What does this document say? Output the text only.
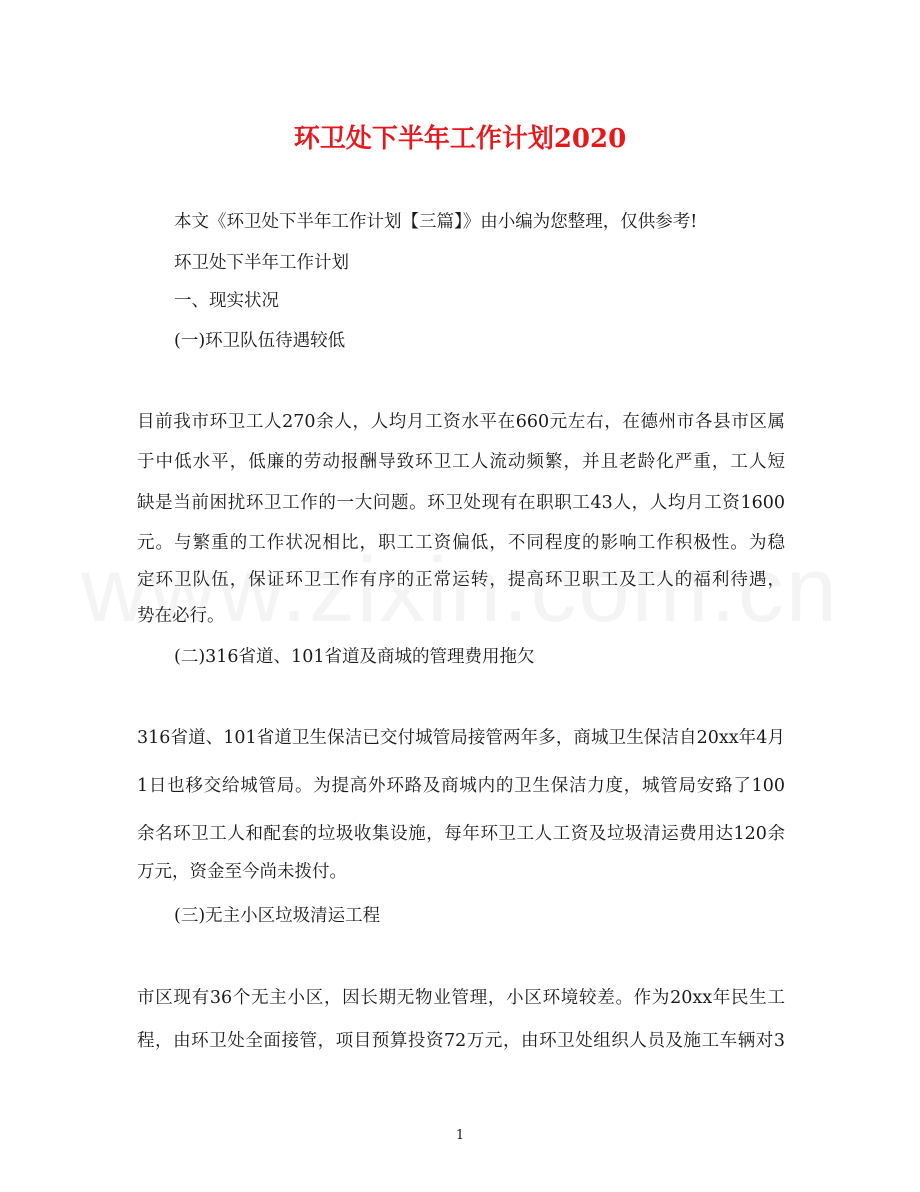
环卫处下半年工作计划2020
本文《环卫处下半年工作计划【三篇】》由小编为您整理，仅供参考!
环卫处下半年工作计划
一、现实状况
(一)环卫队伍待遇较低
目前我市环卫工人270余人，人均月工资水平在660元左右，在德州市各县市区属
于中低水平，低廉的劳动报酬导致环卫工人流动频繁，并且老龄化严重，工人短
缺是当前困扰环卫工作的一大问题。环卫处现有在职职工43人，人均月工资1600
元。与繁重的工作状况相比，职工工资偏低，不同程度的影响工作积极性。为稳
定环卫队伍，保证环卫工作有序的正常运转，提高环卫职工及工人的福利待遇，
势在必行。
(二)316省道、101省道及商城的管理费用拖欠
316省道、101省道卫生保洁已交付城管局接管两年多，商城卫生保洁自20xx年4月
1日也移交给城管局。为提高外环路及商城内的卫生保洁力度，城管局安臵了100
余名环卫工人和配套的垃圾收集设施，每年环卫工人工资及垃圾清运费用达120余
万元，资金至今尚未拨付。
(三)无主小区垃圾清运工程
市区现有36个无主小区，因长期无物业管理，小区环境较差。作为20xx年民生工
程，由环卫处全面接管，项目预算投资72万元，由环卫处组织人员及施工车辆对3
1
